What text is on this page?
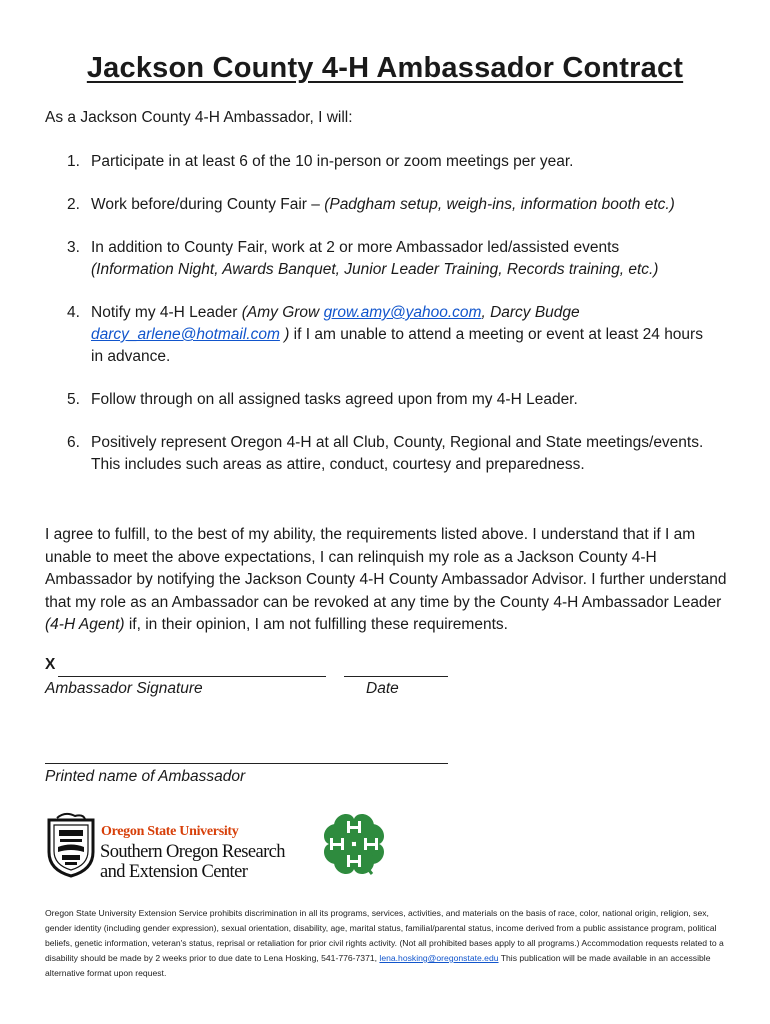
Jackson County 4-H Ambassador Contract
As a Jackson County 4-H Ambassador, I will:
1. Participate in at least 6 of the 10 in-person or zoom meetings per year.
2. Work before/during County Fair – (Padgham setup, weigh-ins, information booth etc.)
3. In addition to County Fair, work at 2 or more Ambassador led/assisted events
(Information Night, Awards Banquet, Junior Leader Training, Records training, etc.)
4. Notify my 4-H Leader (Amy Grow grow.amy@yahoo.com, Darcy Budge
darcy_arlene@hotmail.com ) if I am unable to attend a meeting or event at least 24 hours in advance.
5. Follow through on all assigned tasks agreed upon from my 4-H Leader.
6. Positively represent Oregon 4-H at all Club, County, Regional and State meetings/events. This includes such areas as attire, conduct, courtesy and preparedness.

I agree to fulfill, to the best of my ability, the requirements listed above. I understand that if I am unable to meet the above expectations, I can relinquish my role as a Jackson County 4-H Ambassador by notifying the Jackson County 4-H County Ambassador Advisor. I further understand that my role as an Ambassador can be revoked at any time by the County 4-H Ambassador Leader (4-H Agent) if, in their opinion, I am not fulfilling these requirements.

X
Ambassador Signature	Date
Printed name of Ambassador
Oregon State University
Southern Oregon Research
and Extension Center

Oregon State University Extension Service prohibits discrimination in all its programs, services, activities, and materials on the basis of race, color, national origin, religion, sex, gender identity (including gender expression), sexual orientation, disability, age, marital status, familial/parental status, income derived from a public assistance program, political beliefs, genetic information, veteran's status, reprisal or retaliation for prior civil rights activity. (Not all prohibited bases apply to all programs.) Accommodation requests related to a disability should be made by 2 weeks prior to due date to Lena Hosking, 541-776-7371, lena.hosking@oregonstate.edu This publication will be made available in an accessible alternative format upon request.
